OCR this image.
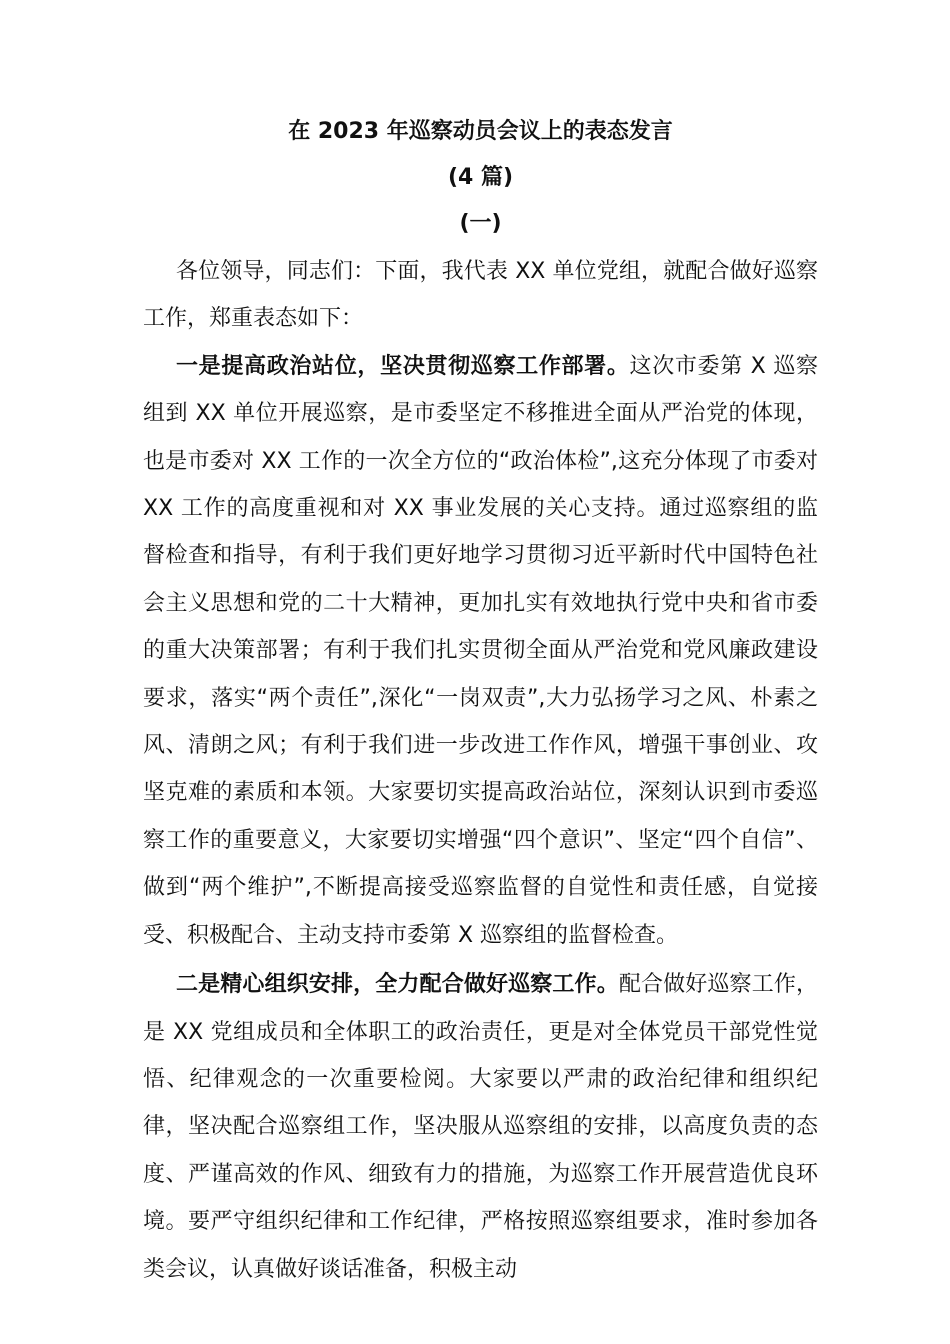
在 2023 年巡察动员会议上的表态发言
(4 篇)
(一)

各位领导，同志们：下面，我代表 XX 单位党组，就配合做好巡察工作，郑重表态如下：

一是提高政治站位，坚决贯彻巡察工作部署。这次市委第 X 巡察组到 XX 单位开展巡察，是市委坚定不移推进全面从严治党的体现，也是市委对 XX 工作的一次全方位的“政治体检”,这充分体现了市委对 XX 工作的高度重视和对 XX 事业发展的关心支持。通过巡察组的监督检查和指导，有利于我们更好地学习贯彻习近平新时代中国特色社会主义思想和党的二十大精神，更加扎实有效地执行党中央和省市委的重大决策部署；有利于我们扎实贯彻全面从严治党和党风廉政建设要求，落实“两个责任”,深化“一岗双责”,大力弘扬学习之风、朴素之风、清朗之风；有利于我们进一步改进工作作风，增强干事创业、攻坚克难的素质和本领。大家要切实提高政治站位，深刻认识到市委巡察工作的重要意义，大家要切实增强“四个意识”、坚定“四个自信”、做到“两个维护”,不断提高接受巡察监督的自觉性和责任感，自觉接受、积极配合、主动支持市委第 X 巡察组的监督检查。

二是精心组织安排，全力配合做好巡察工作。配合做好巡察工作，是 XX 党组成员和全体职工的政治责任，更是对全体党员干部党性觉悟、纪律观念的一次重要检阅。大家要以严肃的政治纪律和组织纪律，坚决配合巡察组工作，坚决服从巡察组的安排，以高度负责的态度、严谨高效的作风、细致有力的措施，为巡察工作开展营造优良环境。要严守组织纪律和工作纪律，严格按照巡察组要求，准时参加各类会议，认真做好谈话准备，积极主动
